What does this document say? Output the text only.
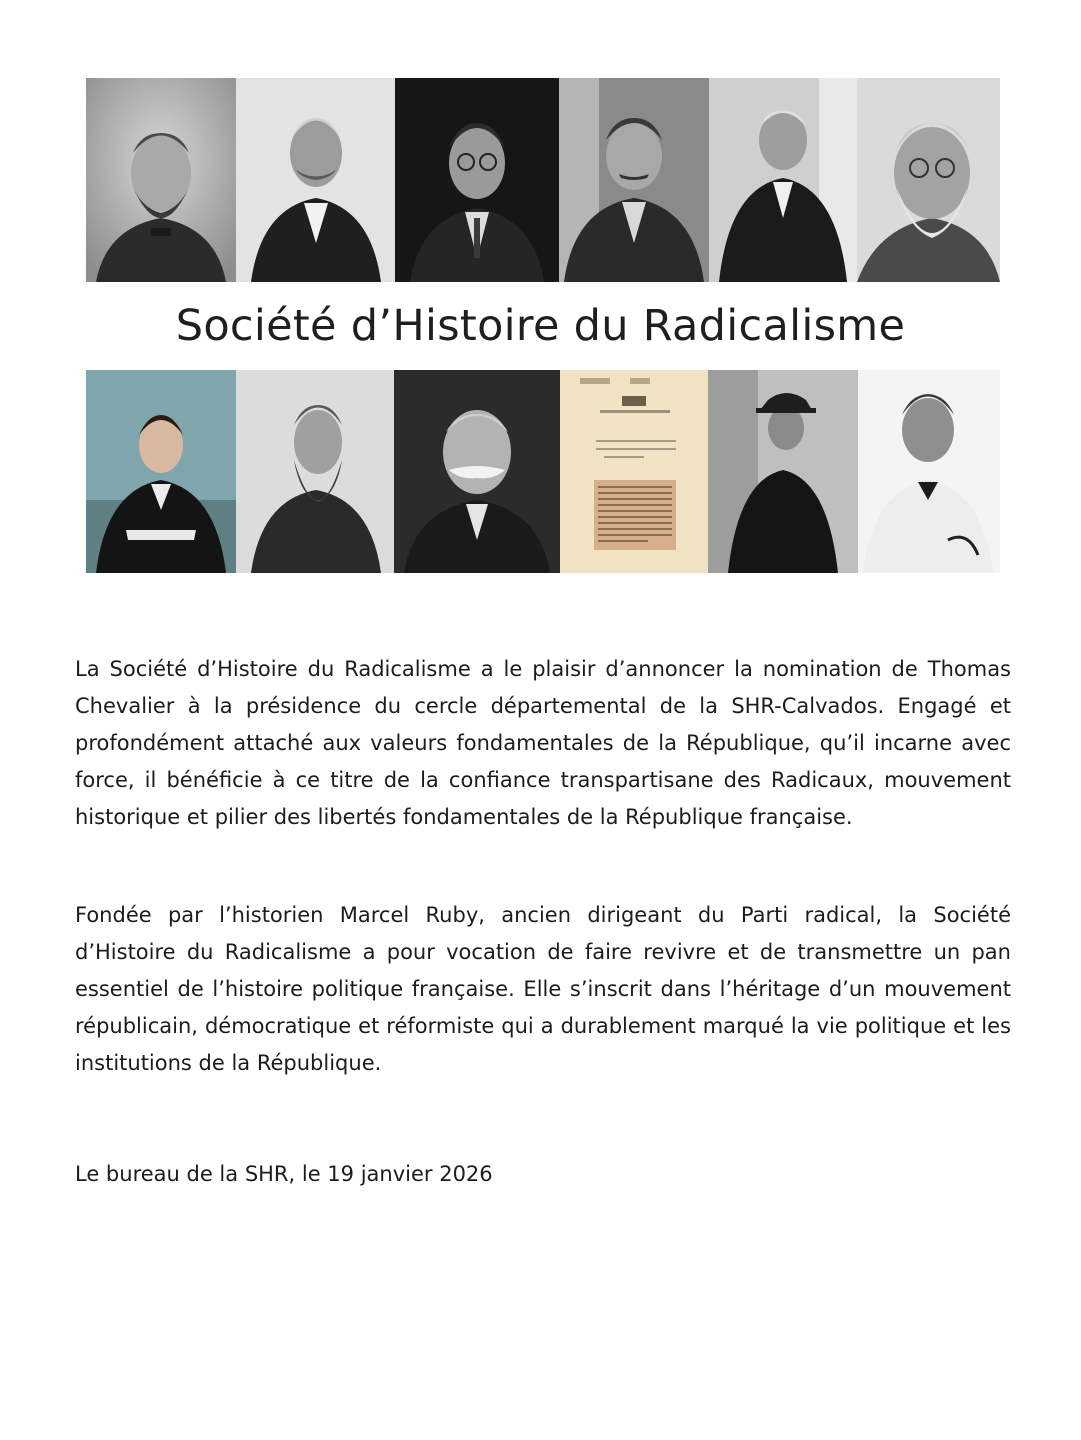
Société d’Histoire du Radicalisme

La Société d’Histoire du Radicalisme a le plaisir d’annoncer la nomination de Thomas Chevalier à la présidence du cercle départemental de la SHR-Calvados. Engagé et profondément attaché aux valeurs fondamentales de la République, qu’il incarne avec force, il bénéficie à ce titre de la confiance transpartisane des Radicaux, mouvement historique et pilier des libertés fondamentales de la République française.

Fondée par l’historien Marcel Ruby, ancien dirigeant du Parti radical, la Société d’Histoire du Radicalisme a pour vocation de faire revivre et de transmettre un pan essentiel de l’histoire politique française. Elle s’inscrit dans l’héritage d’un mouvement républicain, démocratique et réformiste qui a durablement marqué la vie politique et les institutions de la République.

Le bureau de la SHR, le 19 janvier 2026
